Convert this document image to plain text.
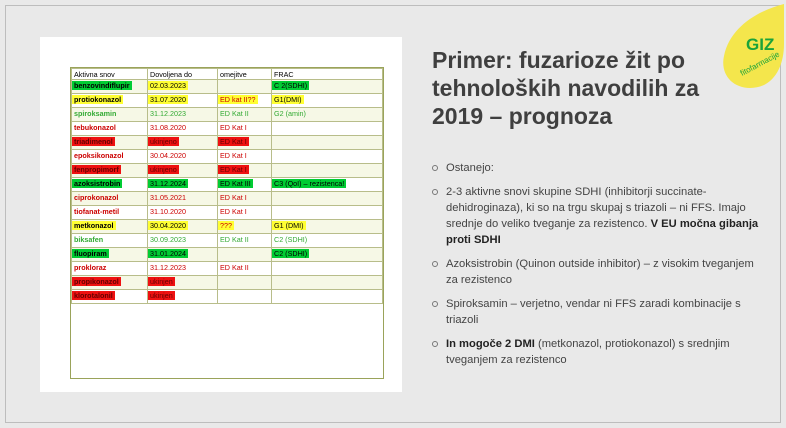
Aktivna snov	Dovoljena do	omejitve	FRAC
benzovindiflupir	02.03.2023		C 2(SDHI)
protiokonazol	31.07.2020	ED kat II??	G1(DMI)
spiroksamin	31.12.2023	ED Kat II	G2 (amin)
tebukonazol	31.08.2020	ED Kat I	
triadimenol	ukinjeno	ED Kat I	
epoksikonazol	30.04.2020	ED Kat I	
fenpropimorf	ukinjeno	ED Kat I	
azoksistrobin	31.12.2024	ED Kat III	C3 (QoI) – rezistenca!
ciprokonazol	31.05.2021	ED Kat I	
tiofanat-metil	31.10.2020	ED Kat I	
metkonazol	30.04.2020	???	G1 (DMI)
biksafen	30.09.2023	ED Kat II	C2 (SDHI)
fluopiram	31.01.2024		C2 (SDHI)
prokloraz	31.12.2023	ED Kat II	
propikonazol	ukinjen		
klorotalonil	ukinjen		
Primer: fuzarioze žit po tehnoloških navodilih za 2019 – prognoza
Ostanejo:
2-3 aktivne snovi skupine SDHI (inhibitorji succinate-dehidroginaza), ki so na trgu skupaj s triazoli – ni FFS. Imajo srednje do veliko tveganje za rezistenco. V EU močna gibanja proti SDHI
Azoksistrobin (Quinon outside inhibitor) – z visokim tveganjem za rezistenco
Spiroksamin – verjetno, vendar ni FFS zaradi kombinacije s triazoli
In mogoče 2 DMI (metkonazol, protiokonazol) s srednjim tveganjem za rezistenco
GIZ
fitofarmacije
